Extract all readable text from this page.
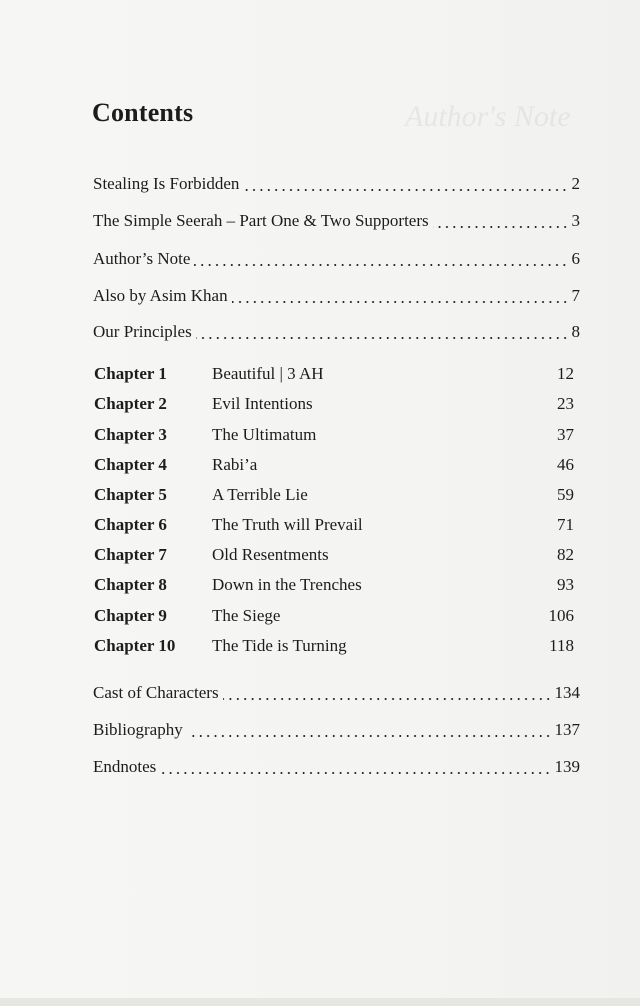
Author's Note
Contents
Stealing Is Forbidden	2
The Simple Seerah – Part One & Two Supporters	3
Author’s Note	6
Also by Asim Khan	7
Our Principles	8
Chapter 1	Beautiful | 3 AH	12
Chapter 2	Evil Intentions	23
Chapter 3	The Ultimatum	37
Chapter 4	Rabi’a	46
Chapter 5	A Terrible Lie	59
Chapter 6	The Truth will Prevail	71
Chapter 7	Old Resentments	82
Chapter 8	Down in the Trenches	93
Chapter 9	The Siege	106
Chapter 10 The Tide is Turning	118
Cast of Characters	134
Bibliography	137
Endnotes	139
